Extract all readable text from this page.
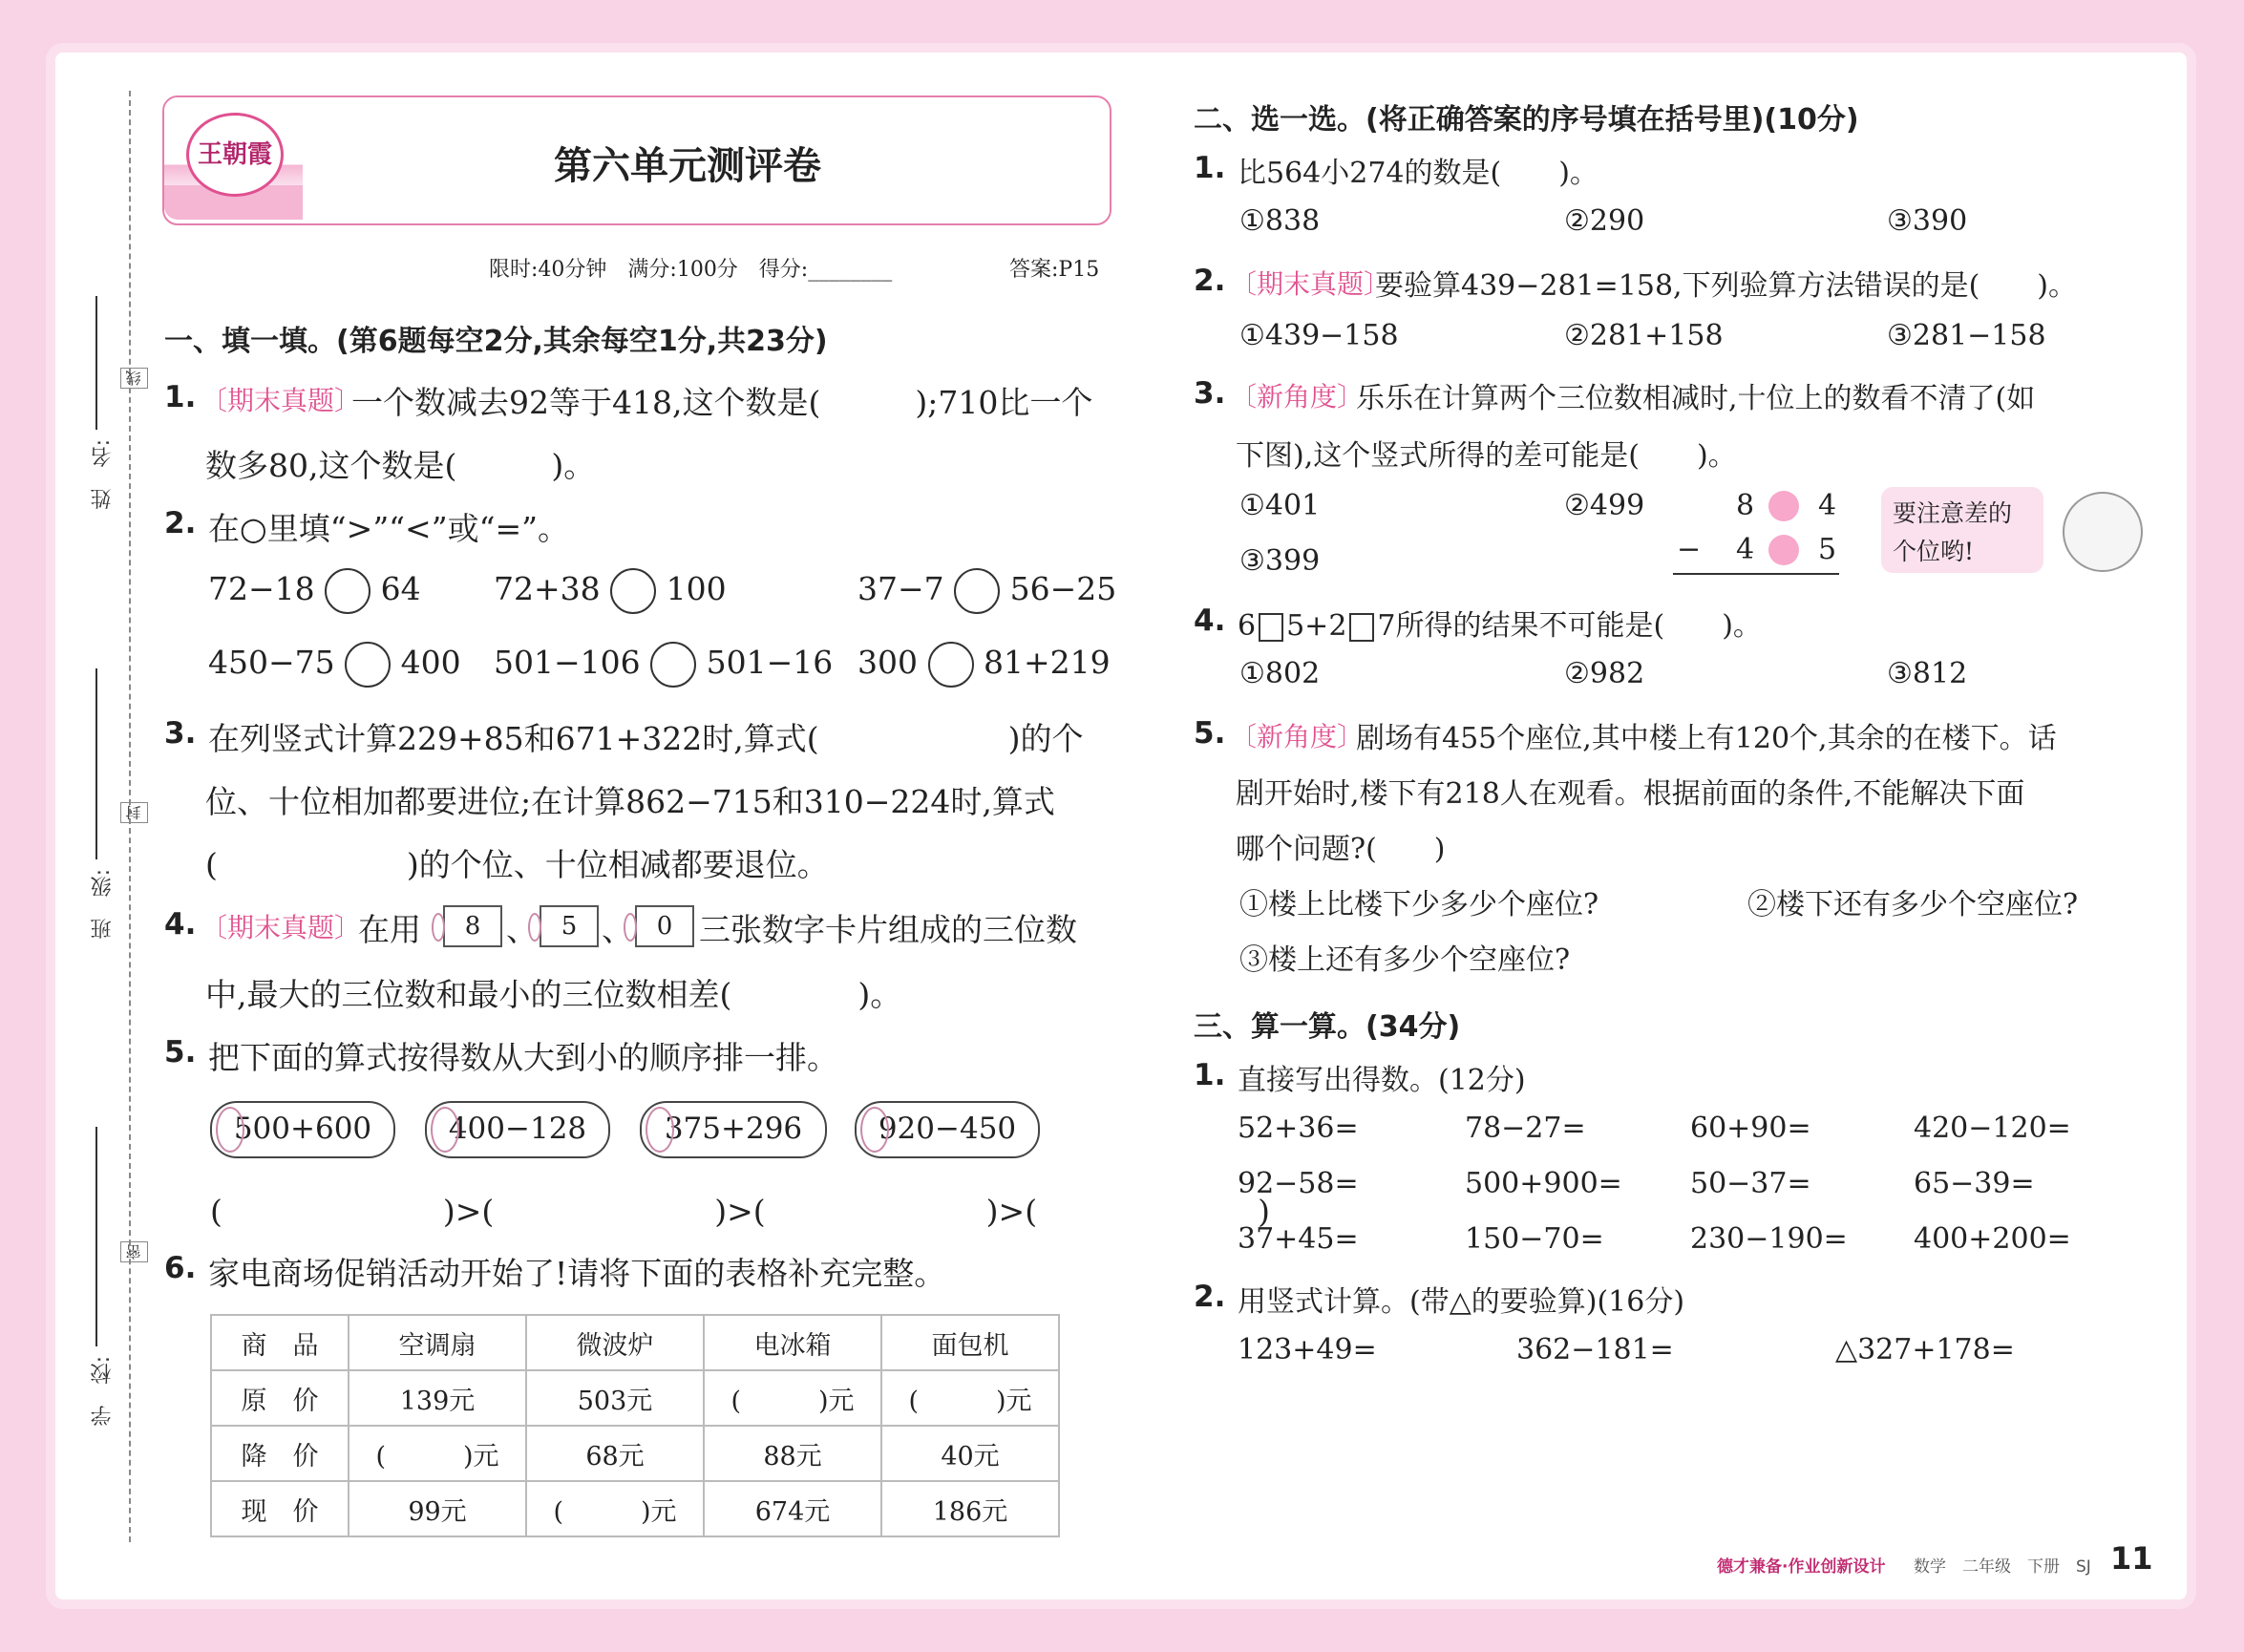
姓　名:
班　级:
学　校:
线
封
密
王朝霞	第六单元测评卷
限时:40分钟　满分:100分　得分:________	答案:P15
一、填一填。(第6题每空2分,其余每空1分,共23分)
1. 〔期末真题〕
一个数减去92等于418,这个数是(　　　);710比一个
数多80,这个数是(　　　)。
2. 在○里填“>”“<”或“=”。
72−18 64 72+38 100	37−7 56−25
450−75 400 501−106 501−16 300 81+219
3. 在列竖式计算229+85和671+322时,算式(　　　　　　)的个
位、十位相加都要进位;在计算862−715和310−224时,算式
(　　　　　　)的个位、十位相减都要退位。
4. 〔期末真题〕
在用	8 、 5 、 0 三张数字卡片组成的三位数
中,最大的三位数和最小的三位数相差(　　　　)。
5. 把下面的算式按得数从大到小的顺序排一排。
500+600	400−128	375+296	920−450
(　　　　　　　)>(　　　　　　　)>(　　　　　　　)>(　　　　　　　)
6. 家电商场促销活动开始了!请将下面的表格补充完整。
商　品	空调扇	微波炉	电冰箱	面包机
原　价	139元	503元	(　　　)元	(　　　)元
降　价	(　　　)元	68元	88元	40元
现　价	99元	(　　　)元	674元	186元
二、选一选。(将正确答案的序号填在括号里)(10分)
1. 比564小274的数是(　　)。
①838	②290	③390
2. 〔期末真题〕
要验算439−281=158,下列验算方法错误的是(　　)。
①439−158	②281+158	③281−158
3. 〔新角度〕
乐乐在计算两个三位数相减时,十位上的数看不清了(如
下图),这个竖式所得的差可能是(　　)。
①401	②499
③399
8 4
− 4 5
要注意差的
个位哟!
4. 6 5+2 7所得的结果不可能是(　　)。
①802	②982	③812
5. 〔新角度〕
剧场有455个座位,其中楼上有120个,其余的在楼下。话
剧开始时,楼下有218人在观看。根据前面的条件,不能解决下面
哪个问题?(　　)
①楼上比楼下少多少个座位?	②楼下还有多少个空座位?
③楼上还有多少个空座位?
三、算一算。(34分)
1. 直接写出得数。(12分)
52+36=	78−27=	60+90=	420−120=
92−58=	500+900= 50−37=	65−39=
37+45=	150−70=	230−190= 400+200=
2. 用竖式计算。(带△的要验算)(16分)
123+49=	362−181=	△327+178=
德才兼备·作业创新设计 数学　二年级　下册　SJ 11
